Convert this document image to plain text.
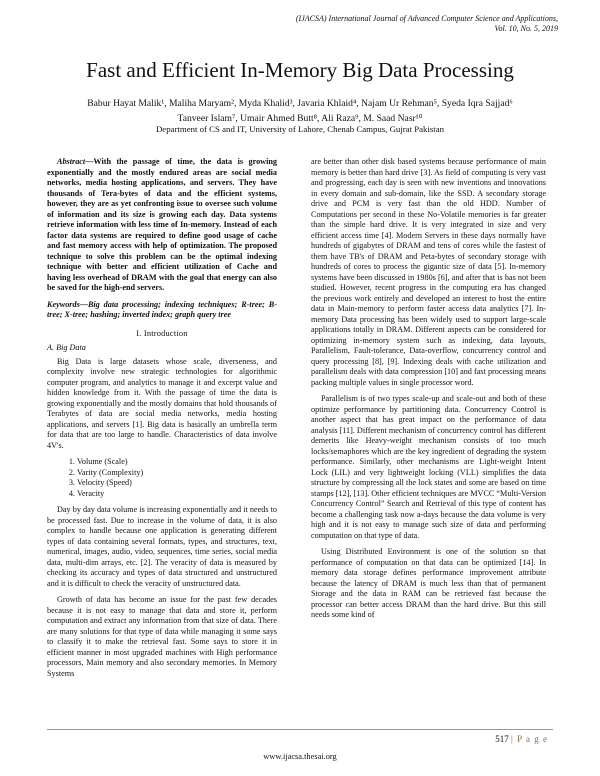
(IJACSA) International Journal of Advanced Computer Science and Applications,
Vol. 10, No. 5, 2019
Fast and Efficient In-Memory Big Data Processing
Babur Hayat Malik¹, Maliha Maryam², Myda Khalid³, Javaria Khlaid⁴, Najam Ur Rehman⁵, Syeda Iqra Sajjad⁶
Tanveer Islam⁷, Umair Ahmed Butt⁸, Ali Raza⁹, M. Saad Nasr¹⁰
Department of CS and IT, University of Lahore, Chenab Campus, Gujrat Pakistan

Abstract—With the passage of time, the data is growing exponentially and the mostly endured areas are social media networks, media hosting applications, and servers. They have thousands of Tera-bytes of data and the efficient systems, however, they are as yet confronting issue to oversee such volume of information and its size is growing each day. Data systems retrieve information with less time of In-memory. Instead of each factor data systems are required to define good usage of cache and fast memory access with help of optimization. The proposed technique to solve this problem can be the optimal indexing technique with better and efficient utilization of Cache and having less overhead of DRAM with the goal that energy can also be saved for the high-end servers.

Keywords—Big data processing; indexing techniques; R-tree; B-tree; X-tree; hashing; inverted index; graph query tree

I. Introduction
A. Big Data

Big Data is large datasets whose scale, diverseness, and complexity involve new strategic technologies for algorithmic computer program, and analytics to manage it and excerpt value and hidden knowledge from it. With the passage of time the data is growing exponentially and the mostly domains that hold thousands of Terabytes of data are social media networks, media hosting applications, and servers [1]. Big data is basically an umbrella term for data that are too large to handle. Characteristics of data involve 4V's.

1. Volume (Scale)
2. Varity (Complexity)
3. Velocity (Speed)
4. Veracity

Day by day data volume is increasing exponentially and it needs to be processed fast. Due to increase in the volume of data, it is also complex to handle because one application is generating different types of data containing several formats, types, and structures, text, numerical, images, audio, video, sequences, time series, social media data, multi-dim arrays, etc. [2]. The veracity of data is measured by checking its accuracy and types of data structured and unstructured and it is difficult to check the veracity of unstructured data.

Growth of data has become an issue for the past few decades because it is not easy to manage that data and store it, perform computation and extract any information from that size of data. There are many solutions for that type of data while managing it some says to classify it to make the retrieval fast. Some says to store it in efficient manner in most upgraded machines with High performance processors, Main memory and also secondary memories. In Memory Systems

are better than other disk based systems because performance of main memory is better than hard drive [3]. As field of computing is very vast and progressing, each day is seen with new inventions and innovations in every domain and sub-domain, like the SSD. A secondary storage drive and PCM is very fast than the old HDD. Number of Computations per second in these No-Volatile memories is far greater than the simple hard drive. It is very integrated in size and very efficient access time [4]. Modern Servers in these days normally have hundreds of gigabytes of DRAM and tens of cores while the fastest of them have TB's of DRAM and Peta-bytes of secondary storage with hundreds of cores to process the gigantic size of data [5]. In-memory systems have been discussed in 1980s [6], and after that is has not been studied. However, recent progress in the computing era has changed the previous work entirely and developed an interest to host the entire data in Main-memory to perform faster access data analytics [7]. In-memory Data processing has been widely used to support large-scale applications totally in DRAM. Different aspects can be considered for optimizing in-memory system such as indexing, data layouts, Parallelism, Fault-tolerance, Data-overflow, concurrency control and query processing [8], [9]. Indexing deals with cache utilization and parallelism deals with data compression [10] and fast processing means packing multiple values in single processor word.

Parallelism is of two types scale-up and scale-out and both of these optimize performance by partitioning data. Concurrency Control is another aspect that has great impact on the performance of data analysis [11]. Different mechanism of concurrency control has different demerits like Heavy-weight mechanism consists of too much locks/semaphores which are the key ingredient of degrading the system performance. Similarly, other mechanisms are Light-weight Intent Lock (LIL) and very lightweight locking (VLL) simplifies the data structure by compressing all the lock states and some are based on time stamps [12], [13]. Other efficient techniques are MVCC “Multi-Version Concurrency Control” Search and Retrieval of this type of content has become a challenging task now a-days because the data volume is very high and it is not easy to manage such size of data and performing computation on that type of data.

Using Distributed Environment is one of the solution so that performance of computation on that data can be optimized [14]. In memory data storage defines performance improvement attribute because the latency of DRAM is much less than that of permanent Storage and the data in RAM can be retrieved fast because the processor can better access DRAM than the hard drive. But this still needs some kind of

517 | P a g e
www.ijacsa.thesai.org
